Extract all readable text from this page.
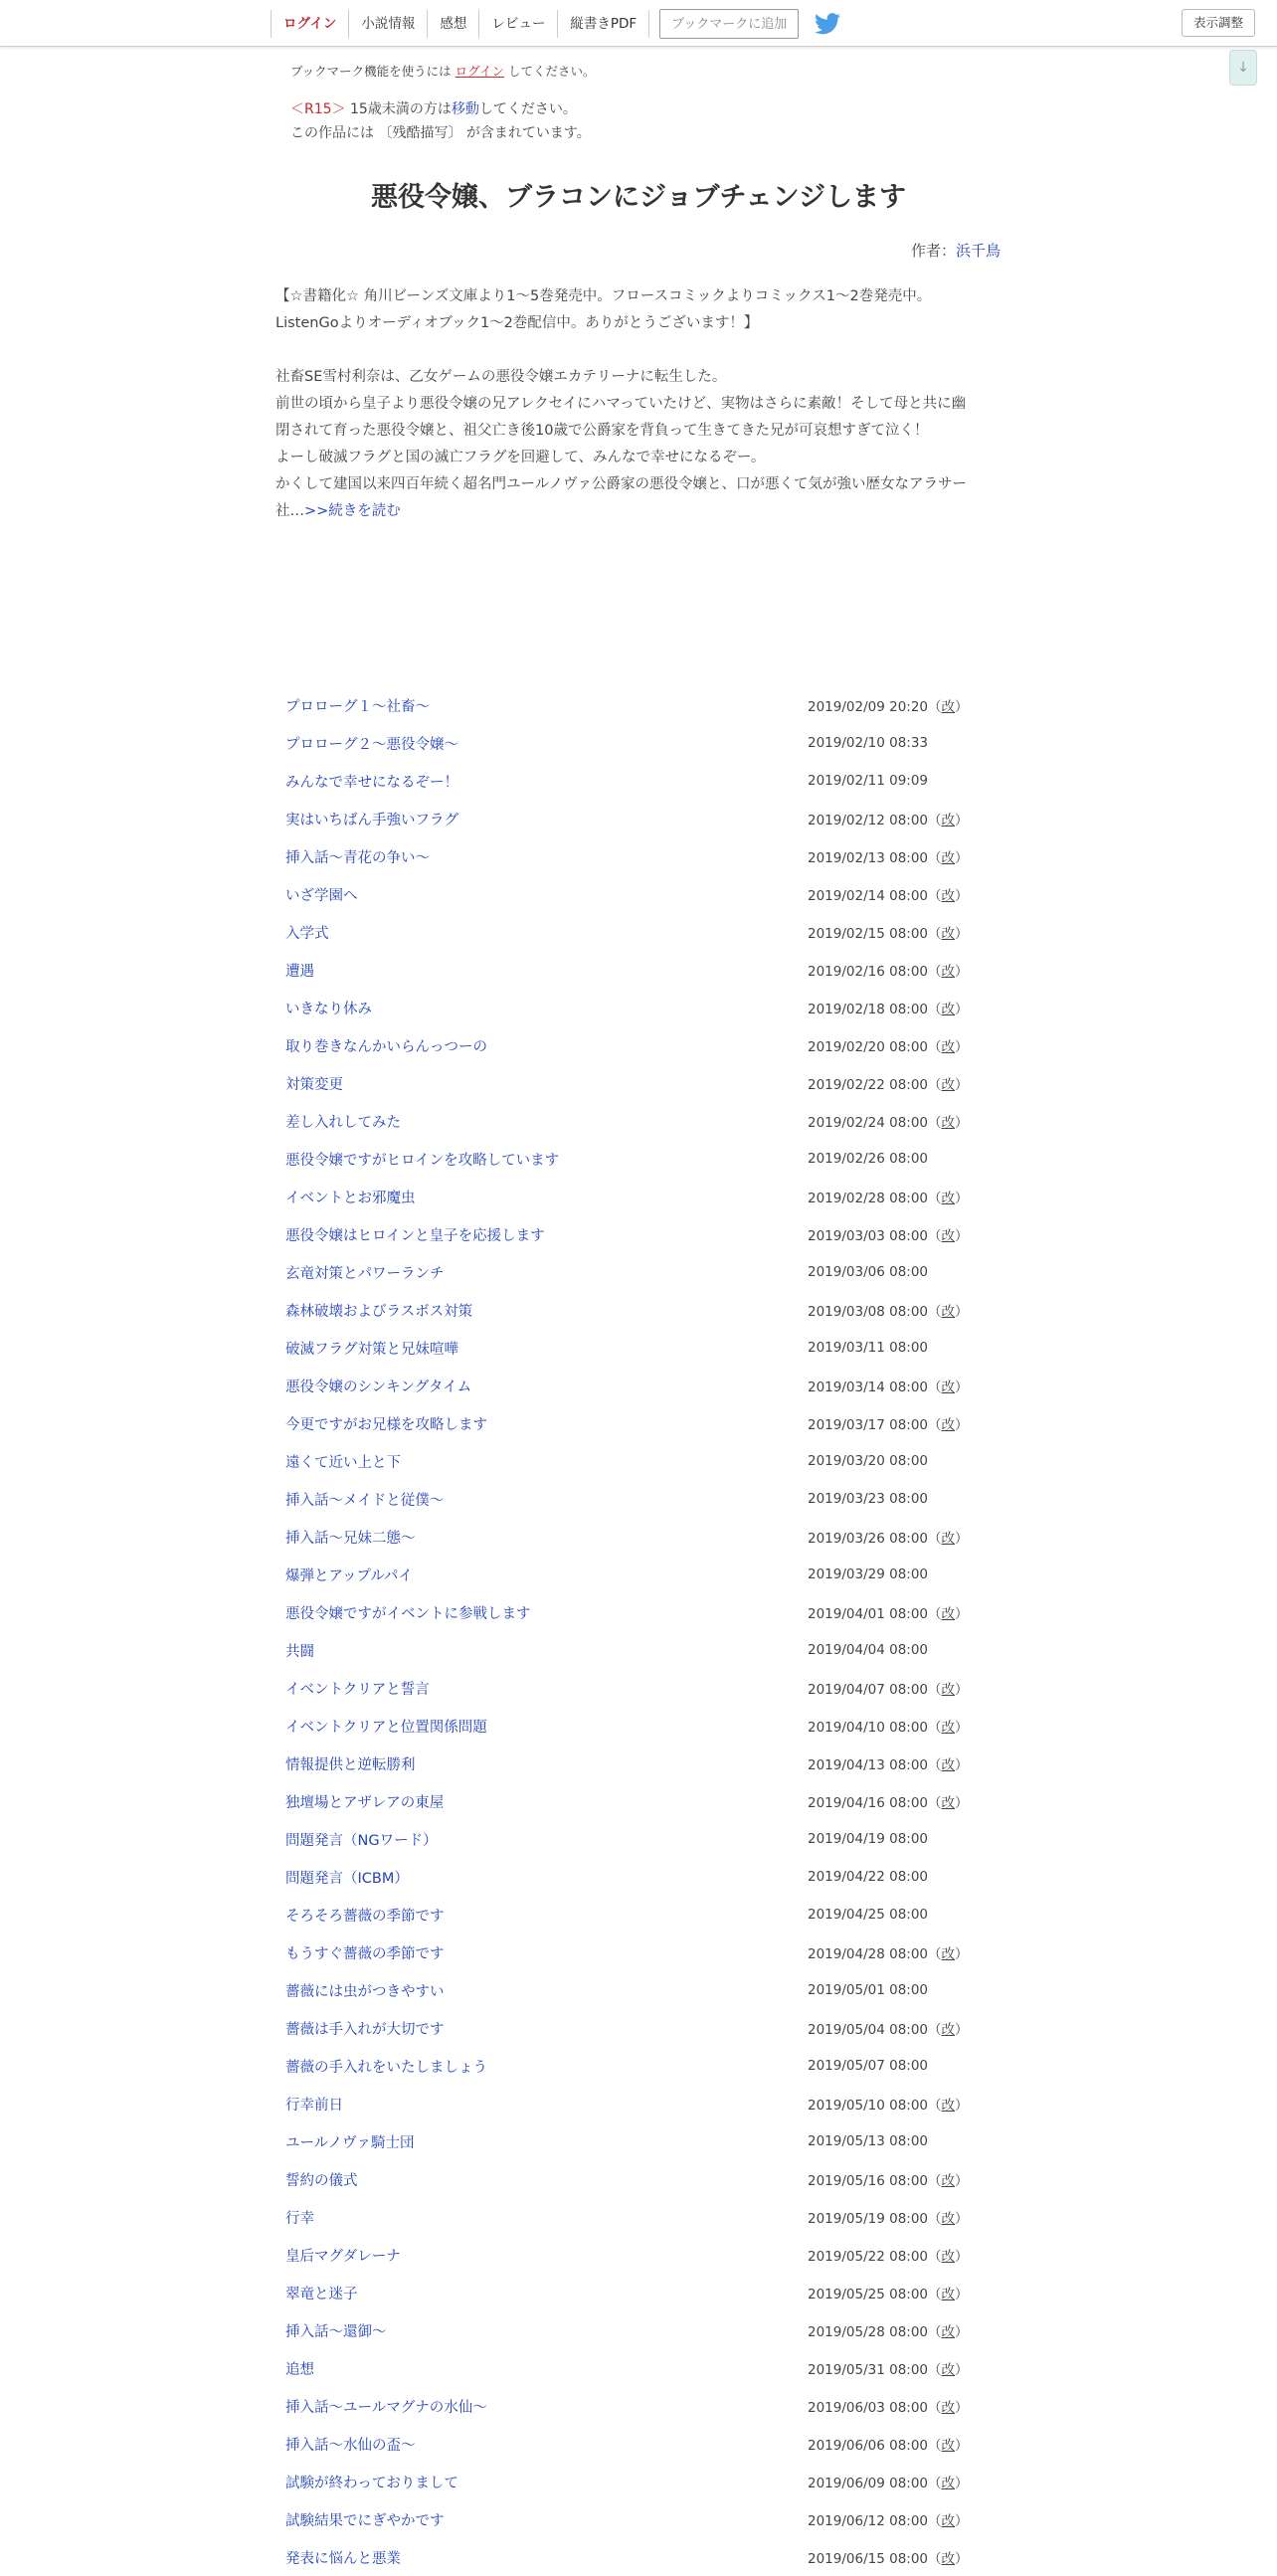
ログイン	小説情報	感想	レビュー	縦書きPDF	ブックマークに追加	表示調整
↓
ブックマーク機能を使うには ログイン してください。
＜R15＞ 15歳未満の方は移動してください。
この作品には 〔残酷描写〕 が含まれています。
悪役令嬢、ブラコンにジョブチェンジします
作者：浜千鳥
【☆書籍化☆ 角川ビーンズ文庫より1〜5巻発売中。フロースコミックよりコミックス1〜2巻発売中。
ListenGoよりオーディオブック1〜2巻配信中。ありがとうございます！】
社畜SE雪村利奈は、乙女ゲームの悪役令嬢エカテリーナに転生した。
前世の頃から皇子より悪役令嬢の兄アレクセイにハマっていたけど、実物はさらに素敵！そして母と共に幽
閉されて育った悪役令嬢と、祖父亡き後10歳で公爵家を背負って生きてきた兄が可哀想すぎて泣く！
よーし破滅フラグと国の滅亡フラグを回避して、みんなで幸せになるぞー。
かくして建国以来四百年続く超名門ユールノヴァ公爵家の悪役令嬢と、口が悪くて気が強い歴女なアラサー
社…>>続きを読む
プロローグ１～社畜〜	2019/02/09 20:20（改）
プロローグ２～悪役令嬢〜	2019/02/10 08:33
みんなで幸せになるぞー！	2019/02/11 09:09
実はいちばん手強いフラグ	2019/02/12 08:00（改）
挿入話〜青花の争い〜	2019/02/13 08:00（改）
いざ学園へ	2019/02/14 08:00（改）
入学式	2019/02/15 08:00（改）
遭遇	2019/02/16 08:00（改）
いきなり休み	2019/02/18 08:00（改）
取り巻きなんかいらんっつーの	2019/02/20 08:00（改）
対策変更	2019/02/22 08:00（改）
差し入れしてみた	2019/02/24 08:00（改）
悪役令嬢ですがヒロインを攻略しています	2019/02/26 08:00
イベントとお邪魔虫	2019/02/28 08:00（改）
悪役令嬢はヒロインと皇子を応援します	2019/03/03 08:00（改）
玄竜対策とパワーランチ	2019/03/06 08:00
森林破壊およびラスボス対策	2019/03/08 08:00（改）
破滅フラグ対策と兄妹喧嘩	2019/03/11 08:00
悪役令嬢のシンキングタイム	2019/03/14 08:00（改）
今更ですがお兄様を攻略します	2019/03/17 08:00（改）
遠くて近い上と下	2019/03/20 08:00
挿入話〜メイドと従僕〜	2019/03/23 08:00
挿入話〜兄妹二態〜	2019/03/26 08:00（改）
爆弾とアップルパイ	2019/03/29 08:00
悪役令嬢ですがイベントに参戦します	2019/04/01 08:00（改）
共闘	2019/04/04 08:00
イベントクリアと誓言	2019/04/07 08:00（改）
イベントクリアと位置関係問題	2019/04/10 08:00（改）
情報提供と逆転勝利	2019/04/13 08:00（改）
独壇場とアザレアの東屋	2019/04/16 08:00（改）
問題発言（NGワード）	2019/04/19 08:00
問題発言（ICBM）	2019/04/22 08:00
そろそろ薔薇の季節です	2019/04/25 08:00
もうすぐ薔薇の季節です	2019/04/28 08:00（改）
薔薇には虫がつきやすい	2019/05/01 08:00
薔薇は手入れが大切です	2019/05/04 08:00（改）
薔薇の手入れをいたしましょう	2019/05/07 08:00
行幸前日	2019/05/10 08:00（改）
ユールノヴァ騎士団	2019/05/13 08:00
誓約の儀式	2019/05/16 08:00（改）
行幸	2019/05/19 08:00（改）
皇后マグダレーナ	2019/05/22 08:00（改）
翠竜と迷子	2019/05/25 08:00（改）
挿入話〜還御〜	2019/05/28 08:00（改）
追想	2019/05/31 08:00（改）
挿入話～ユールマグナの水仙～	2019/06/03 08:00（改）
挿入話～水仙の盃～	2019/06/06 08:00（改）
試験が終わっておりまして	2019/06/09 08:00（改）
試験結果でにぎやかです	2019/06/12 08:00（改）
発表に悩んと悪業	2019/06/15 08:00（改）
